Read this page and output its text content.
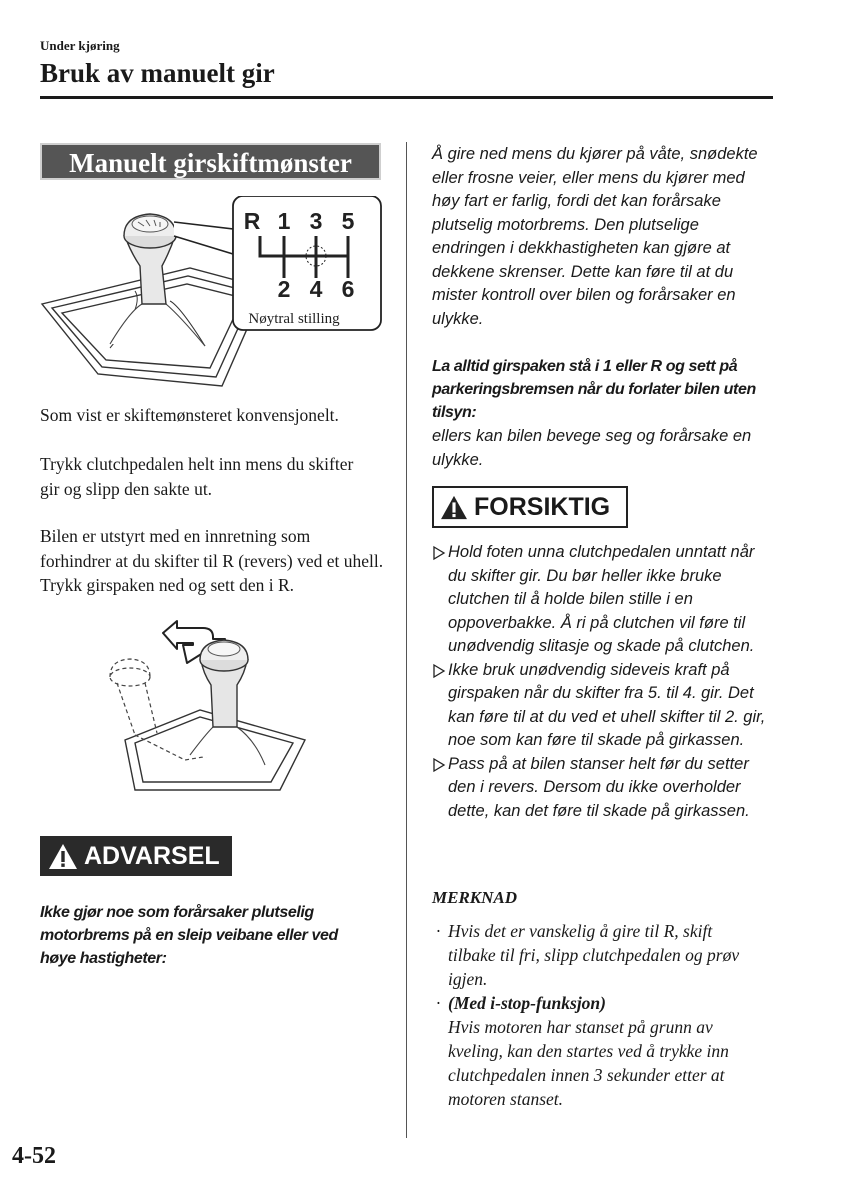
Under kjøring
Bruk av manuelt gir
Manuelt girskiftmønster
R 1 3 5
2 4 6
Nøytral stilling
Som vist er skiftemønsteret konvensjonelt.
Trykk clutchpedalen helt inn mens du skifter gir og slipp den sakte ut.
Bilen er utstyrt med en innretning som forhindrer at du skifter til R (revers) ved et uhell. Trykk girspaken ned og sett den i R.
ADVARSEL
Ikke gjør noe som forårsaker plutselig motorbrems på en sleip veibane eller ved høye hastigheter:
Å gire ned mens du kjører på våte, snødekte eller frosne veier, eller mens du kjører med høy fart er farlig, fordi det kan forårsake plutselig motorbrems. Den plutselige endringen i dekkhastigheten kan gjøre at dekkene skrenser. Dette kan føre til at du mister kontroll over bilen og forårsaker en ulykke.
La alltid girspaken stå i 1 eller R og sett på parkeringsbremsen når du forlater bilen uten tilsyn:
ellers kan bilen bevege seg og forårsake en ulykke.
FORSIKTIG
Hold foten unna clutchpedalen unntatt når du skifter gir. Du bør heller ikke bruke clutchen til å holde bilen stille i en oppoverbakke. Å ri på clutchen vil føre til unødvendig slitasje og skade på clutchen.
Ikke bruk unødvendig sideveis kraft på girspaken når du skifter fra 5. til 4. gir. Det kan føre til at du ved et uhell skifter til 2. gir, noe som kan føre til skade på girkassen.
Pass på at bilen stanser helt før du setter den i revers. Dersom du ikke overholder dette, kan det føre til skade på girkassen.
MERKNAD
· Hvis det er vanskelig å gire til R, skift tilbake til fri, slipp clutchpedalen og prøv igjen.
· (Med i-stop-funksjon)
Hvis motoren har stanset på grunn av kveling, kan den startes ved å trykke inn clutchpedalen innen 3 sekunder etter at motoren stanset.
4-52
